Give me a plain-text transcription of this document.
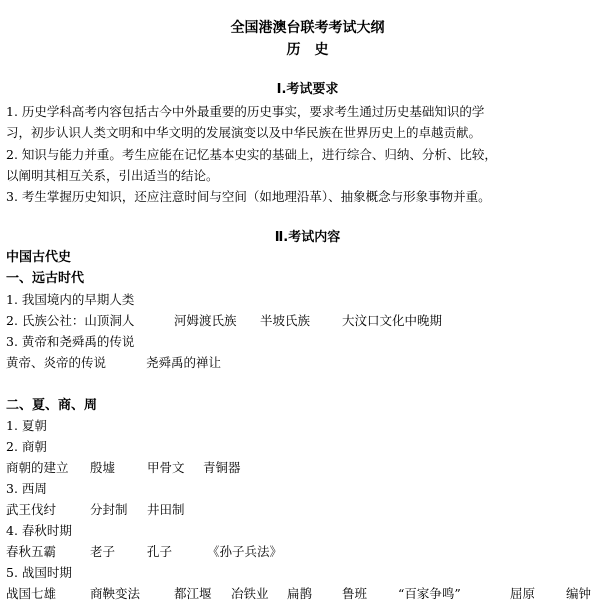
全国港澳台联考考试大纲
历史
Ⅰ.考试要求
1. 历史学科高考内容包括古今中外最重要的历史事实，要求考生通过历史基础知识的学
习，初步认识人类文明和中华文明的发展演变以及中华民族在世界历史上的卓越贡献。
2. 知识与能力并重。考生应能在记忆基本史实的基础上，进行综合、归纳、分析、比较，
以阐明其相互关系，引出适当的结论。
3. 考生掌握历史知识，还应注意时间与空间（如地理沿革）、抽象概念与形象事物并重。
Ⅱ.考试内容
中国古代史
一、远古时代
1. 我国境内的早期人类
2. 氏族公社：山顶洞人	河姆渡氏族 半坡氏族	大汶口文化中晚期
3. 黄帝和尧舜禹的传说
黄帝、炎帝的传说	尧舜禹的禅让
二、夏、商、周
1. 夏朝
2. 商朝
商朝的建立 殷墟	甲骨文 青铜器
3. 西周
武王伐纣	分封制 井田制
4. 春秋时期
春秋五霸	老子	孔子	《孙子兵法》
5. 战国时期
战国七雄	商鞅变法	都江堰 冶铁业 扁鹊 鲁班 “百家争鸣”	屈原 编钟
